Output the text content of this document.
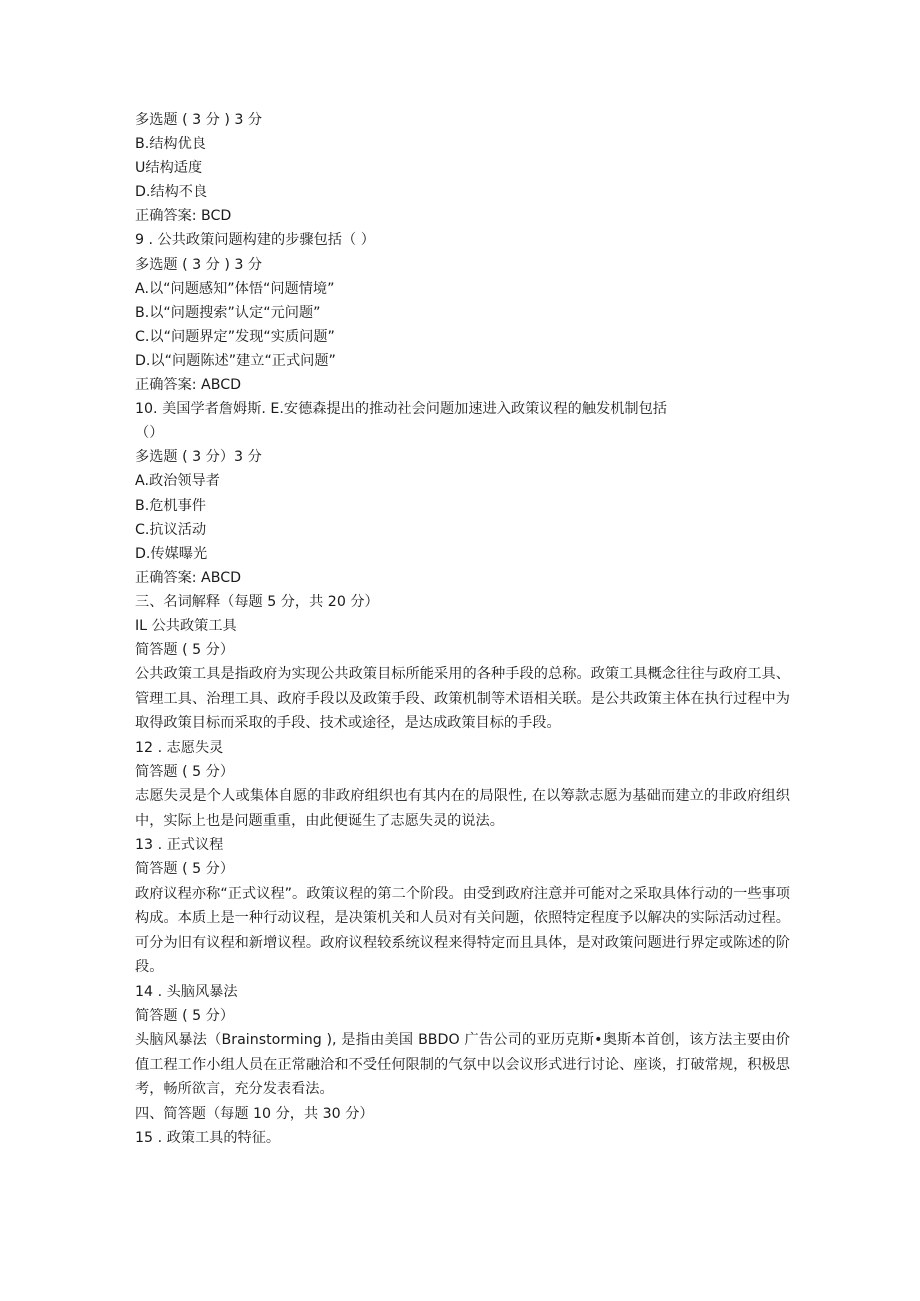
多选题 ( 3 分 ) 3 分
B.结构优良
U结构适度
D.结构不良
正确答案: BCD
9 . 公共政策问题构建的步骤包括（ ）
多选题 ( 3 分 ) 3 分
A.以“问题感知”体悟“问题情境”
B.以“问题搜索”认定“元问题”
C.以“问题界定”发现“实质问题”
D.以“问题陈述”建立“正式问题”
正确答案: ABCD
10. 美国学者詹姆斯. E.安德森提出的推动社会问题加速进入政策议程的触发机制包括
（）
多选题 ( 3 分）3 分
A.政治领导者
B.危机事件
C.抗议活动
D.传媒曝光
正确答案: ABCD
三、名词解释（每题 5 分，共 20 分）
IL 公共政策工具
简答题 ( 5 分）
公共政策工具是指政府为实现公共政策目标所能采用的各种手段的总称。政策工具概念往往与政府工具、管理工具、治理工具、政府手段以及政策手段、政策机制等术语相关联。是公共政策主体在执行过程中为取得政策目标而采取的手段、技术或途径，是达成政策目标的手段。
12 . 志愿失灵
简答题 ( 5 分）
志愿失灵是个人或集体自愿的非政府组织也有其内在的局限性, 在以筹款志愿为基础而建立的非政府组织中，实际上也是问题重重，由此便诞生了志愿失灵的说法。
13 . 正式议程
简答题 ( 5 分）
政府议程亦称“正式议程”。政策议程的第二个阶段。由受到政府注意并可能对之采取具体行动的一些事项构成。本质上是一种行动议程，是决策机关和人员对有关问题，依照特定程度予以解决的实际活动过程。可分为旧有议程和新增议程。政府议程较系统议程来得特定而且具体，是对政策问题进行界定或陈述的阶段。
14 . 头脑风暴法
简答题 ( 5 分）
头脑风暴法（Brainstorming ), 是指由美国 BBDO 广告公司的亚历克斯•奥斯本首创，该方法主要由价值工程工作小组人员在正常融洽和不受任何限制的气氛中以会议形式进行讨论、座谈，打破常规，积极思考，畅所欲言，充分发表看法。
四、简答题（每题 10 分，共 30 分）
15 . 政策工具的特征。
